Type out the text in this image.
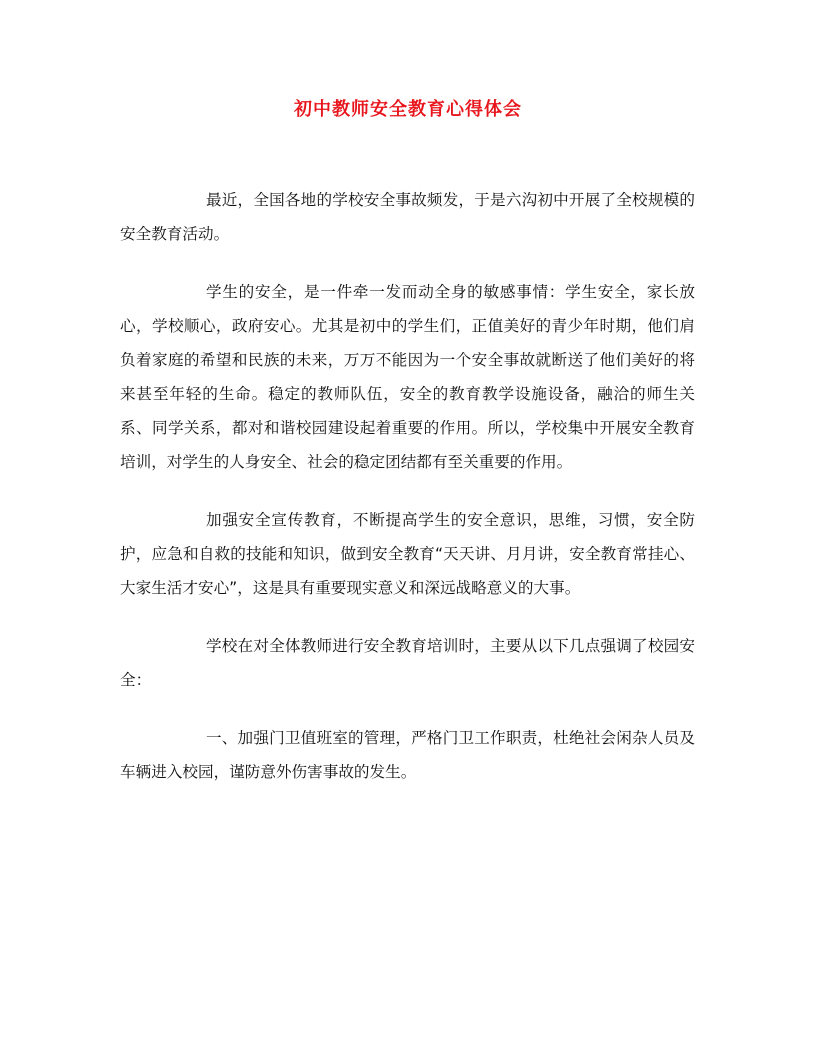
初中教师安全教育心得体会

最近，全国各地的学校安全事故频发，于是六沟初中开展了全校规模的安全教育活动。

学生的安全，是一件牵一发而动全身的敏感事情：学生安全，家长放心，学校顺心，政府安心。尤其是初中的学生们，正值美好的青少年时期，他们肩负着家庭的希望和民族的未来，万万不能因为一个安全事故就断送了他们美好的将来甚至年轻的生命。稳定的教师队伍，安全的教育教学设施设备，融洽的师生关系、同学关系，都对和谐校园建设起着重要的作用。所以，学校集中开展安全教育培训，对学生的人身安全、社会的稳定团结都有至关重要的作用。

加强安全宣传教育，不断提高学生的安全意识，思维，习惯，安全防护，应急和自救的技能和知识，做到安全教育“天天讲、月月讲，安全教育常挂心、大家生活才安心”，这是具有重要现实意义和深远战略意义的大事。

学校在对全体教师进行安全教育培训时，主要从以下几点强调了校园安全：

一、加强门卫值班室的管理，严格门卫工作职责，杜绝社会闲杂人员及车辆进入校园，谨防意外伤害事故的发生。
